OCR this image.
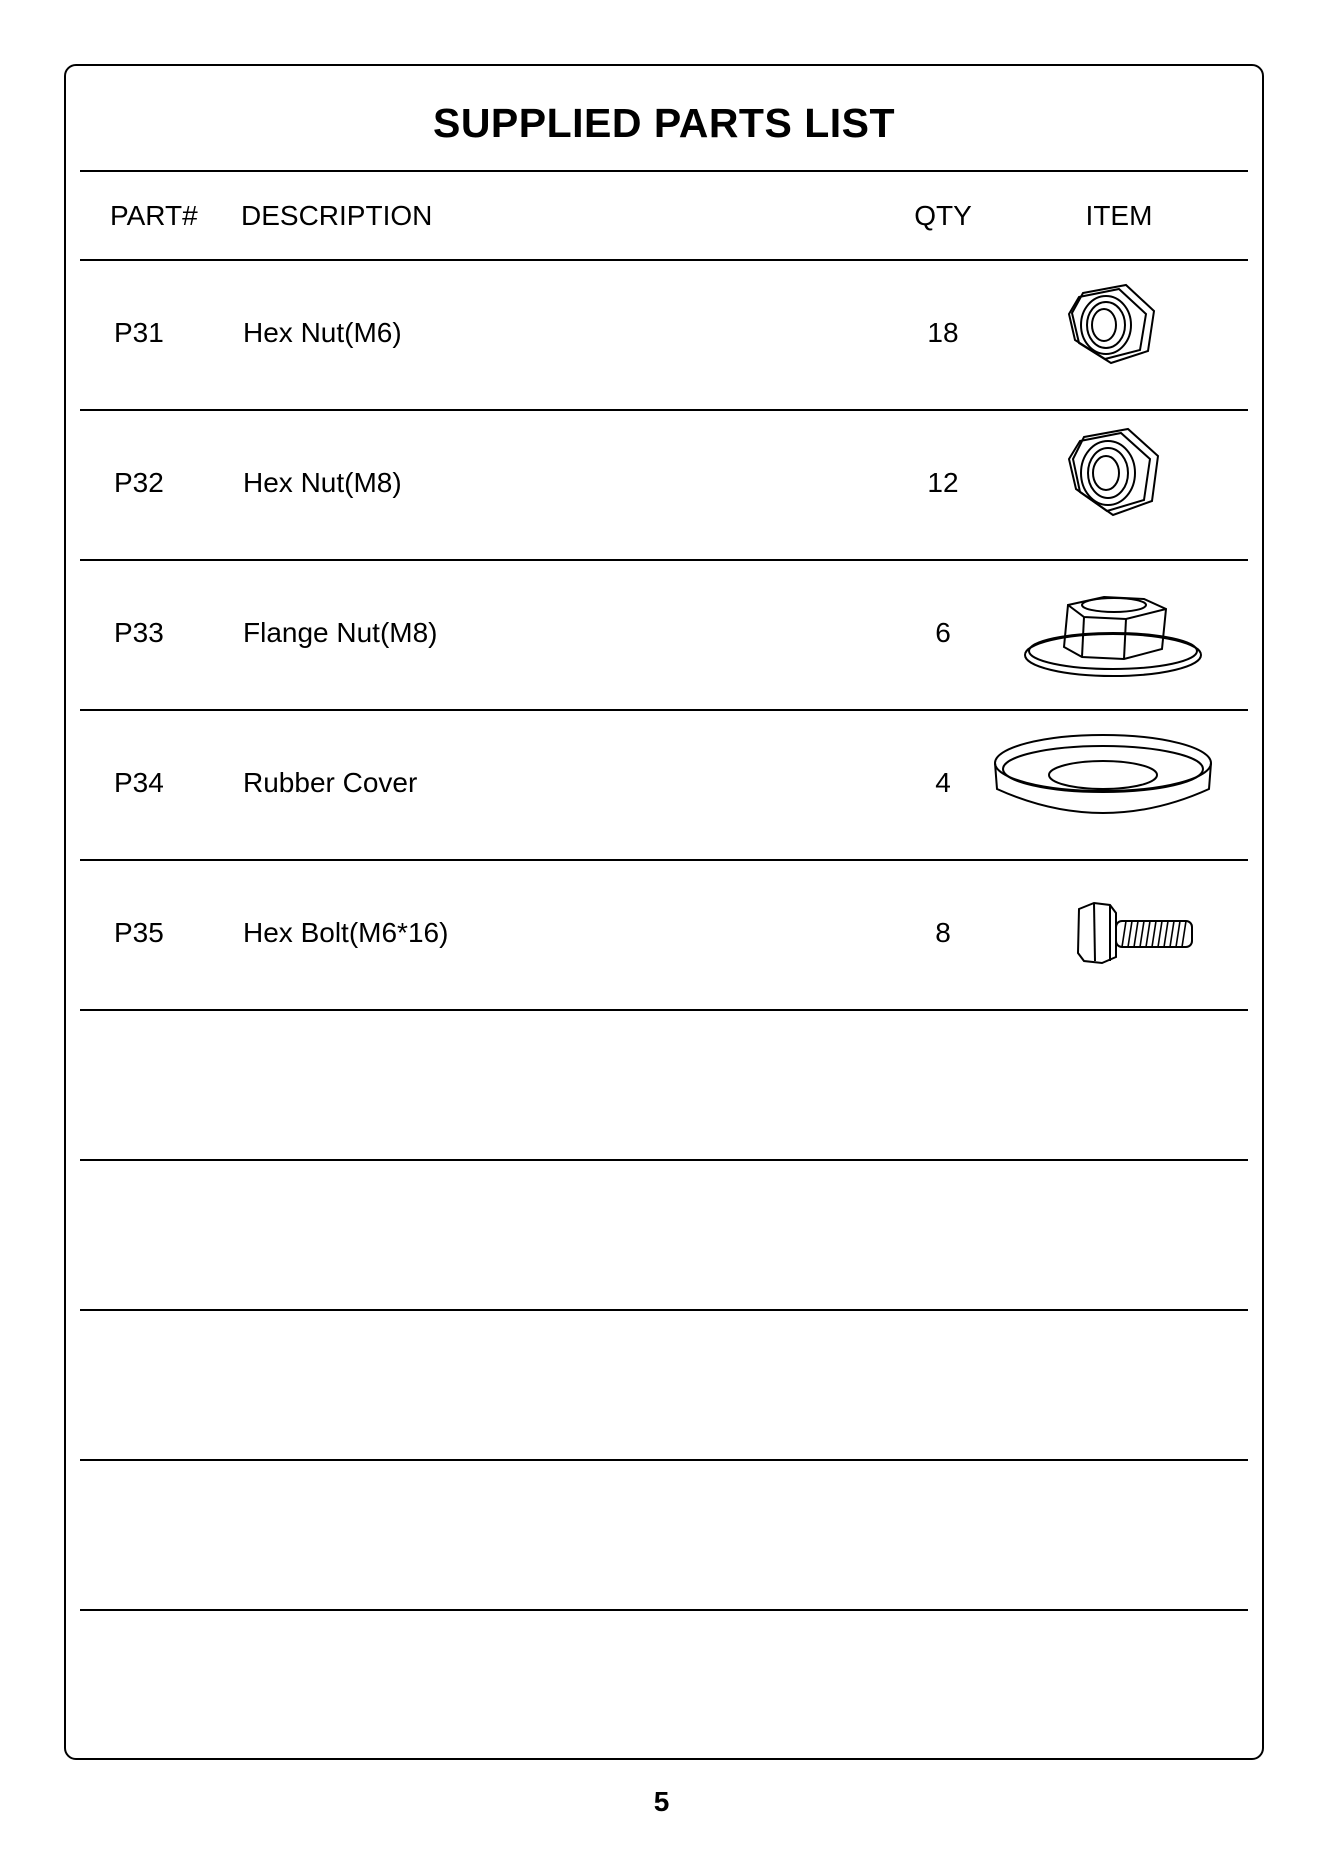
SUPPLIED PARTS LIST
PART# DESCRIPTION	QTY	ITEM
P31	Hex Nut(M6)	18
P32	Hex Nut(M8)	12
P33	Flange Nut(M8)	6
P34	Rubber Cover	4
P35	Hex Bolt(M6*16)	8
5
